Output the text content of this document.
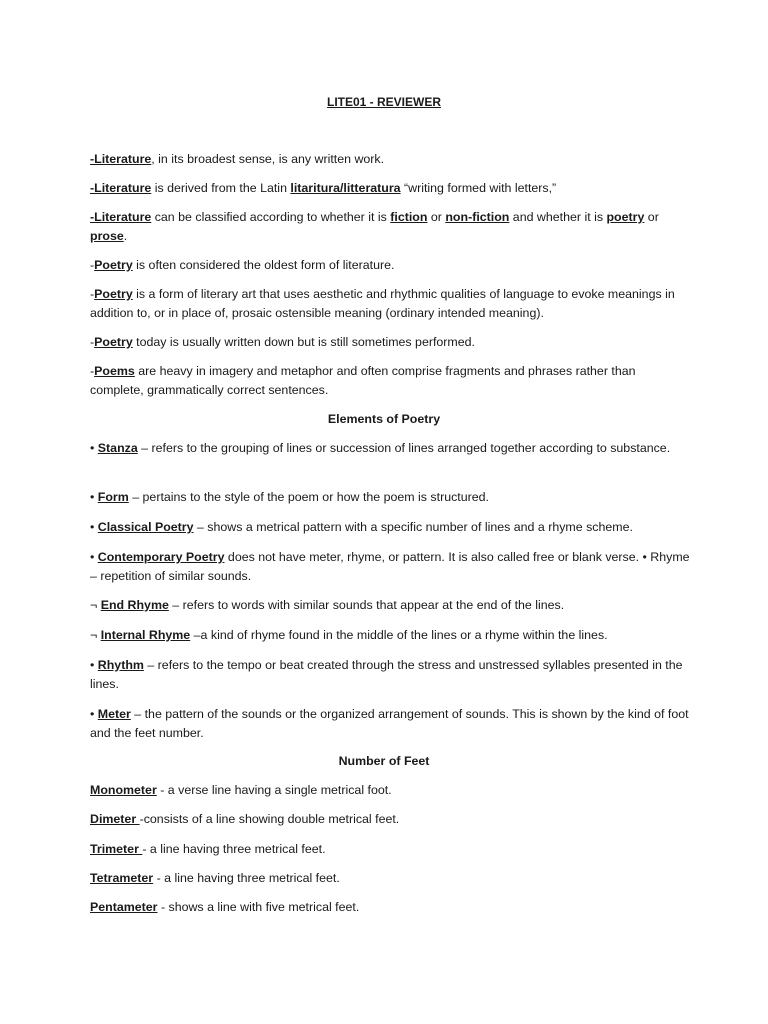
LITE01 - REVIEWER

-Literature, in its broadest sense, is any written work.

-Literature is derived from the Latin litaritura/litteratura “writing formed with letters,”

-Literature can be classified according to whether it is fiction or non-fiction and whether it is poetry or
prose.

-Poetry is often considered the oldest form of literature.

-Poetry is a form of literary art that uses aesthetic and rhythmic qualities of language to evoke meanings in addition to, or in place of, prosaic ostensible meaning (ordinary intended meaning).

-Poetry today is usually written down but is still sometimes performed.

-Poems are heavy in imagery and metaphor and often comprise fragments and phrases rather than complete, grammatically correct sentences.

Elements of Poetry

• Stanza – refers to the grouping of lines or succession of lines arranged together according to substance.

• Form – pertains to the style of the poem or how the poem is structured.

• Classical Poetry – shows a metrical pattern with a specific number of lines and a rhyme scheme.

• Contemporary Poetry does not have meter, rhyme, or pattern. It is also called free or blank verse. • Rhyme – repetition of similar sounds.

¬ End Rhyme – refers to words with similar sounds that appear at the end of the lines.

¬ Internal Rhyme –a kind of rhyme found in the middle of the lines or a rhyme within the lines.

• Rhythm – refers to the tempo or beat created through the stress and unstressed syllables presented in the lines.

• Meter – the pattern of the sounds or the organized arrangement of sounds. This is shown by the kind of foot and the feet number.

Number of Feet

Monometer - a verse line having a single metrical foot.

Dimeter -consists of a line showing double metrical feet.

Trimeter - a line having three metrical feet.

Tetrameter - a line having three metrical feet.

Pentameter - shows a line with five metrical feet.
